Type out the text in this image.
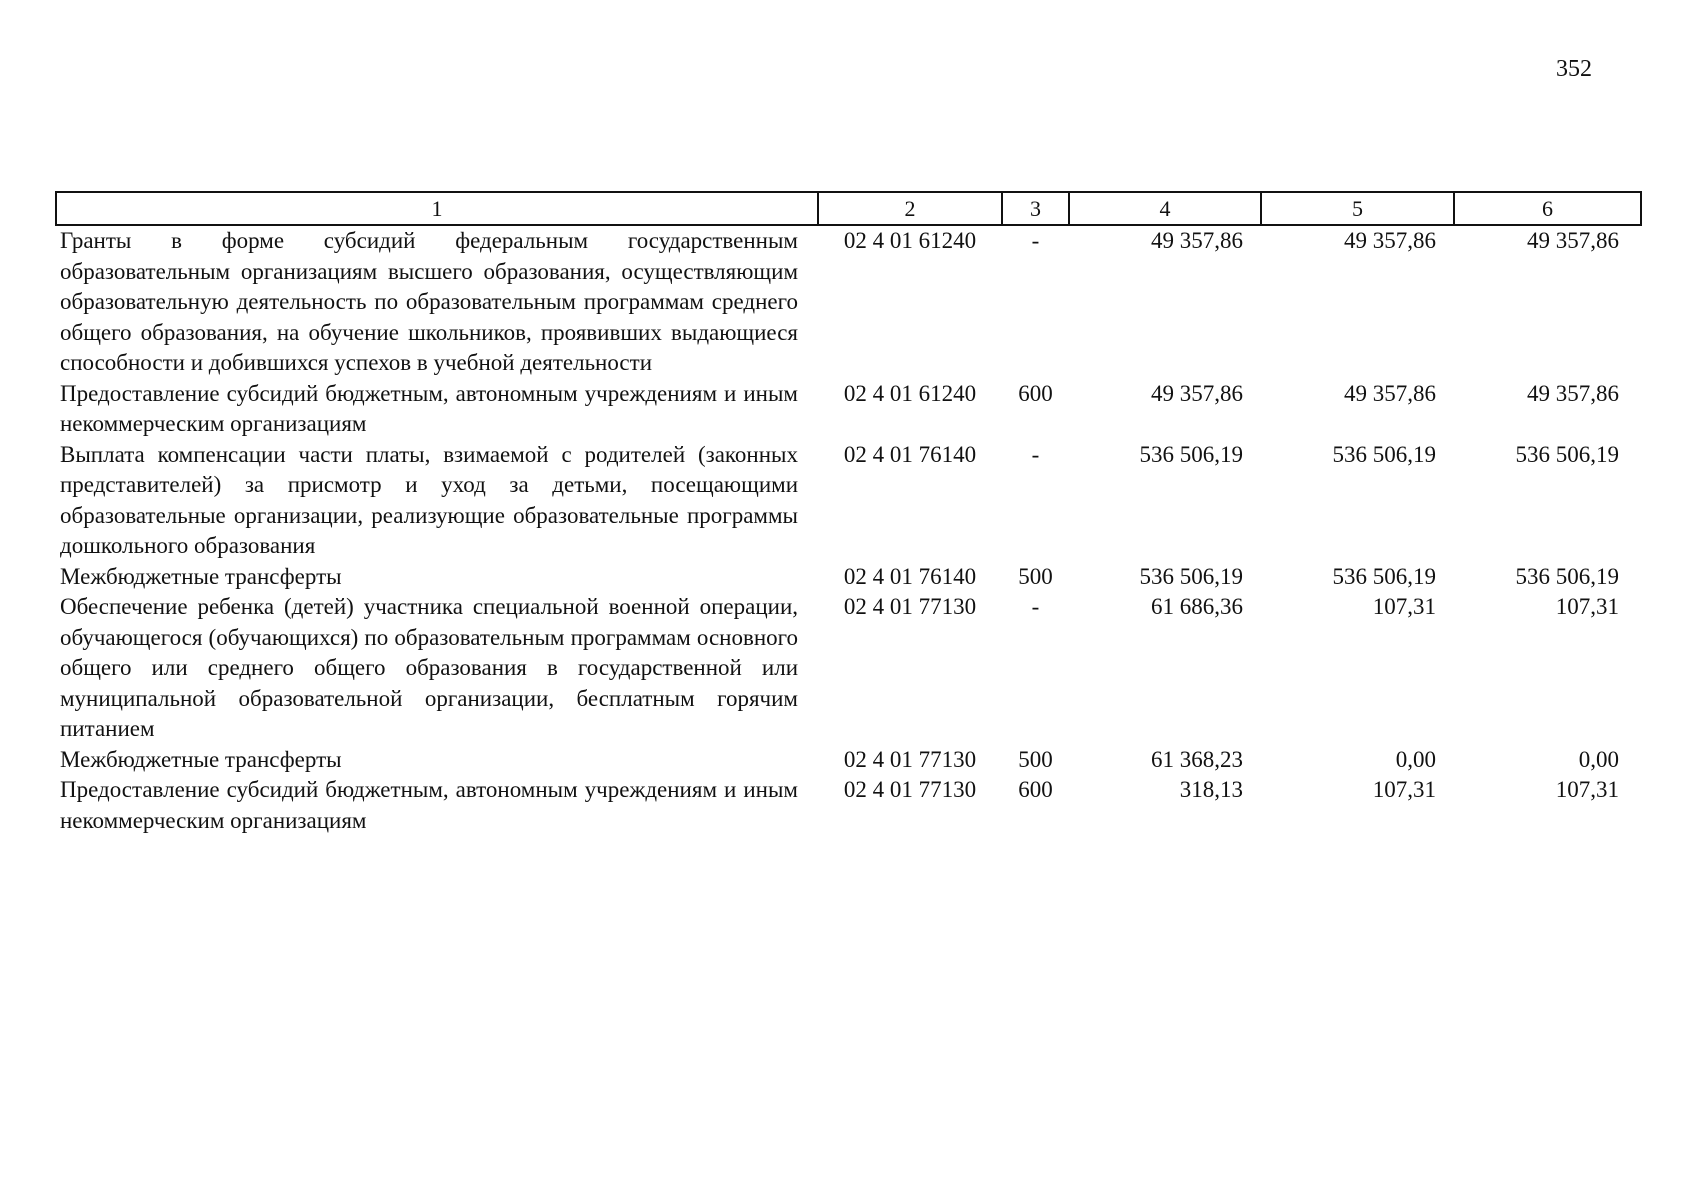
352
1	2	3	4	5	6
Гранты в форме субсидий федеральным государственным образовательным организациям высшего образования, осуществляющим образовательную деятельность по образовательным программам среднего общего образования, на обучение школьников, проявивших выдающиеся способности и добившихся успехов в учебной деятельности	02 4 01 61240	-	49 357,86	49 357,86	49 357,86
Предоставление субсидий бюджетным, автономным учреждениям и иным некоммерческим организациям	02 4 01 61240	600	49 357,86	49 357,86	49 357,86
Выплата компенсации части платы, взимаемой с родителей (законных представителей) за присмотр и уход за детьми, посещающими образовательные организации, реализующие образовательные программы дошкольного образования	02 4 01 76140	-	536 506,19	536 506,19	536 506,19
Межбюджетные трансферты	02 4 01 76140	500	536 506,19	536 506,19	536 506,19
Обеспечение ребенка (детей) участника специальной военной операции, обучающегося (обучающихся) по образовательным программам основного общего или среднего общего образования в государственной или муниципальной образовательной организации, бесплатным горячим питанием	02 4 01 77130	-	61 686,36	107,31	107,31
Межбюджетные трансферты	02 4 01 77130	500	61 368,23	0,00	0,00
Предоставление субсидий бюджетным, автономным учреждениям и иным некоммерческим организациям	02 4 01 77130	600	318,13	107,31	107,31
